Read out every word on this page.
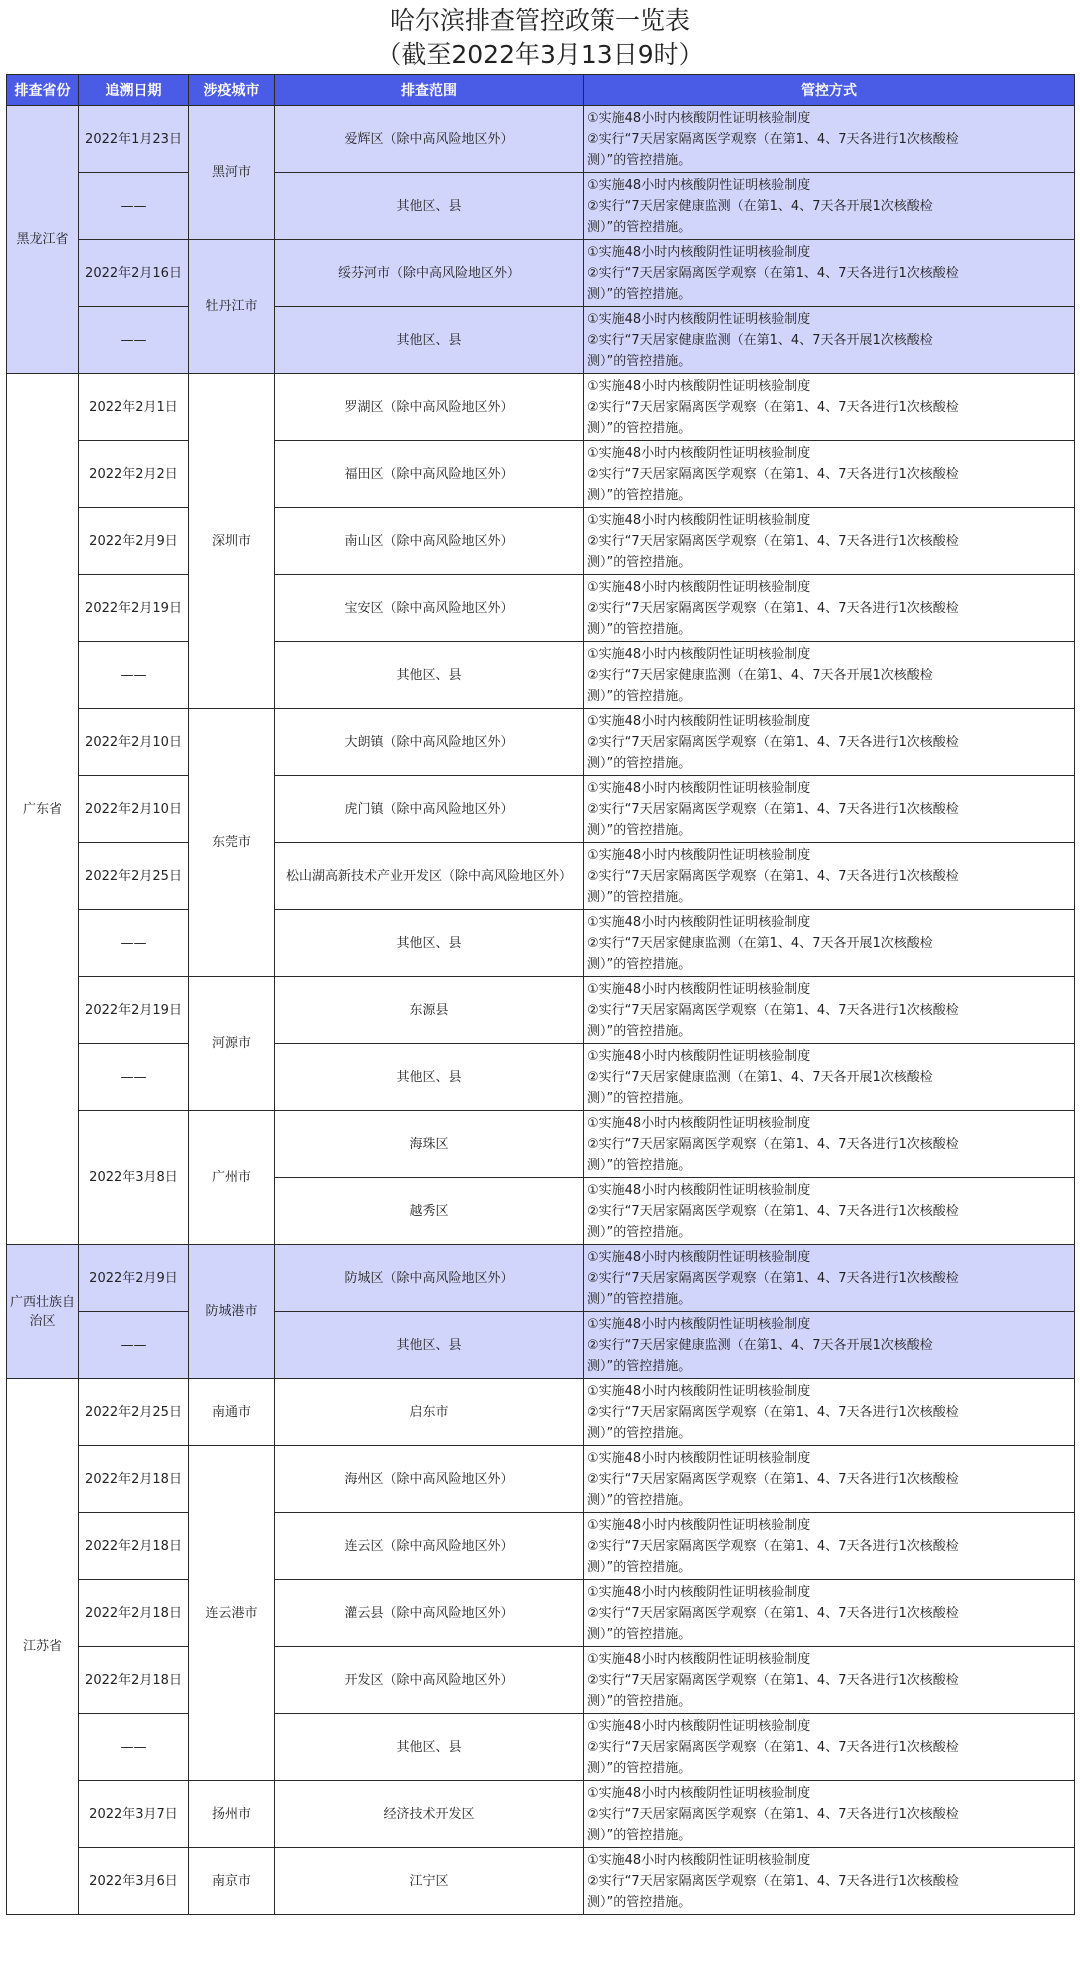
哈尔滨排查管控政策一览表
（截至2022年3月13日9时）
排查省份	追溯日期	涉疫城市	排查范围	管控方式
黑龙江省	2022年1月23日	黑河市	爱辉区（除中高风险地区外）	①实施48小时内核酸阴性证明核验制度
②实行“7天居家隔离医学观察（在第1、4、7天各进行1次核酸检
测）”的管控措施。

	——		其他区、县	①实施48小时内核酸阴性证明核验制度
②实行“7天居家健康监测（在第1、4、7天各开展1次核酸检
测）”的管控措施。

	2022年2月16日	牡丹江市	绥芬河市（除中高风险地区外）	①实施48小时内核酸阴性证明核验制度
②实行“7天居家隔离医学观察（在第1、4、7天各进行1次核酸检
测）”的管控措施。

	——		其他区、县	①实施48小时内核酸阴性证明核验制度
②实行“7天居家健康监测（在第1、4、7天各开展1次核酸检
测）”的管控措施。

广东省	2022年2月1日	深圳市	罗湖区（除中高风险地区外）	①实施48小时内核酸阴性证明核验制度
②实行“7天居家隔离医学观察（在第1、4、7天各进行1次核酸检
测）”的管控措施。

	2022年2月2日		福田区（除中高风险地区外）	①实施48小时内核酸阴性证明核验制度
②实行“7天居家隔离医学观察（在第1、4、7天各进行1次核酸检
测）”的管控措施。

	2022年2月9日		南山区（除中高风险地区外）	①实施48小时内核酸阴性证明核验制度
②实行“7天居家隔离医学观察（在第1、4、7天各进行1次核酸检
测）”的管控措施。

	2022年2月19日		宝安区（除中高风险地区外）	①实施48小时内核酸阴性证明核验制度
②实行“7天居家隔离医学观察（在第1、4、7天各进行1次核酸检
测）”的管控措施。

	——		其他区、县	①实施48小时内核酸阴性证明核验制度
②实行“7天居家健康监测（在第1、4、7天各开展1次核酸检
测）”的管控措施。

	2022年2月10日	东莞市	大朗镇（除中高风险地区外）	①实施48小时内核酸阴性证明核验制度
②实行“7天居家隔离医学观察（在第1、4、7天各进行1次核酸检
测）”的管控措施。

	2022年2月10日		虎门镇（除中高风险地区外）	①实施48小时内核酸阴性证明核验制度
②实行“7天居家隔离医学观察（在第1、4、7天各进行1次核酸检
测）”的管控措施。

	2022年2月25日		松山湖高新技术产业开发区（除中高风险地区外）	①实施48小时内核酸阴性证明核验制度
②实行“7天居家隔离医学观察（在第1、4、7天各进行1次核酸检
测）”的管控措施。

	——		其他区、县	①实施48小时内核酸阴性证明核验制度
②实行“7天居家健康监测（在第1、4、7天各开展1次核酸检
测）”的管控措施。

	2022年2月19日	河源市	东源县	①实施48小时内核酸阴性证明核验制度
②实行“7天居家隔离医学观察（在第1、4、7天各进行1次核酸检
测）”的管控措施。

	——		其他区、县	①实施48小时内核酸阴性证明核验制度
②实行“7天居家健康监测（在第1、4、7天各开展1次核酸检
测）”的管控措施。

	2022年3月8日	广州市	海珠区	①实施48小时内核酸阴性证明核验制度
②实行“7天居家隔离医学观察（在第1、4、7天各进行1次核酸检
测）”的管控措施。

			越秀区	①实施48小时内核酸阴性证明核验制度
②实行“7天居家隔离医学观察（在第1、4、7天各进行1次核酸检
测）”的管控措施。

广西壮族自治区	2022年2月9日	防城港市	防城区（除中高风险地区外）	①实施48小时内核酸阴性证明核验制度
②实行“7天居家隔离医学观察（在第1、4、7天各进行1次核酸检
测）”的管控措施。

	——		其他区、县	①实施48小时内核酸阴性证明核验制度
②实行“7天居家健康监测（在第1、4、7天各开展1次核酸检
测）”的管控措施。

江苏省	2022年2月25日	南通市	启东市	①实施48小时内核酸阴性证明核验制度
②实行“7天居家隔离医学观察（在第1、4、7天各进行1次核酸检
测）”的管控措施。

	2022年2月18日	连云港市	海州区（除中高风险地区外）	①实施48小时内核酸阴性证明核验制度
②实行“7天居家隔离医学观察（在第1、4、7天各进行1次核酸检
测）”的管控措施。

	2022年2月18日		连云区（除中高风险地区外）	①实施48小时内核酸阴性证明核验制度
②实行“7天居家隔离医学观察（在第1、4、7天各进行1次核酸检
测）”的管控措施。

	2022年2月18日		灌云县（除中高风险地区外）	①实施48小时内核酸阴性证明核验制度
②实行“7天居家隔离医学观察（在第1、4、7天各进行1次核酸检
测）”的管控措施。

	2022年2月18日		开发区（除中高风险地区外）	①实施48小时内核酸阴性证明核验制度
②实行“7天居家隔离医学观察（在第1、4、7天各进行1次核酸检
测）”的管控措施。

	——		其他区、县	①实施48小时内核酸阴性证明核验制度
②实行“7天居家隔离医学观察（在第1、4、7天各进行1次核酸检
测）”的管控措施。

	2022年3月7日	扬州市	经济技术开发区	①实施48小时内核酸阴性证明核验制度
②实行“7天居家隔离医学观察（在第1、4、7天各进行1次核酸检
测）”的管控措施。

	2022年3月6日	南京市	江宁区	①实施48小时内核酸阴性证明核验制度
②实行“7天居家隔离医学观察（在第1、4、7天各进行1次核酸检
测）”的管控措施。
